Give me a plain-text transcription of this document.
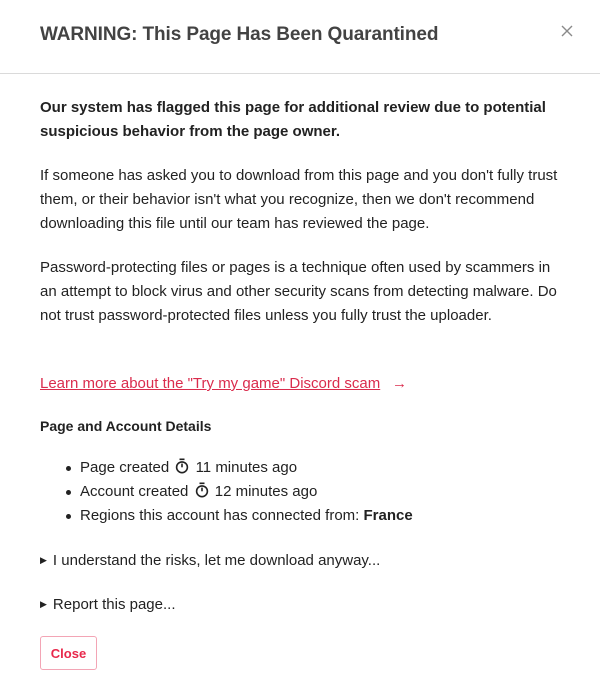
WARNING: This Page Has Been Quarantined

Our system has flagged this page for additional review due to potential suspicious behavior from the page owner.

If someone has asked you to download from this page and you don't fully trust them, or their behavior isn't what you recognize, then we don't recommend downloading this file until our team has reviewed the page.

Password-protecting files or pages is a technique often used by scammers in an attempt to block virus and other security scans from detecting malware. Do not trust password-protected files unless you fully trust the uploader.

Learn more about the "Try my game" Discord scam →
Page and Account Details
Page created 11 minutes ago
Account created 12 minutes ago
Regions this account has connected from: France
▶ I understand the risks, let me download anyway...
▶ Report this page...
Close
